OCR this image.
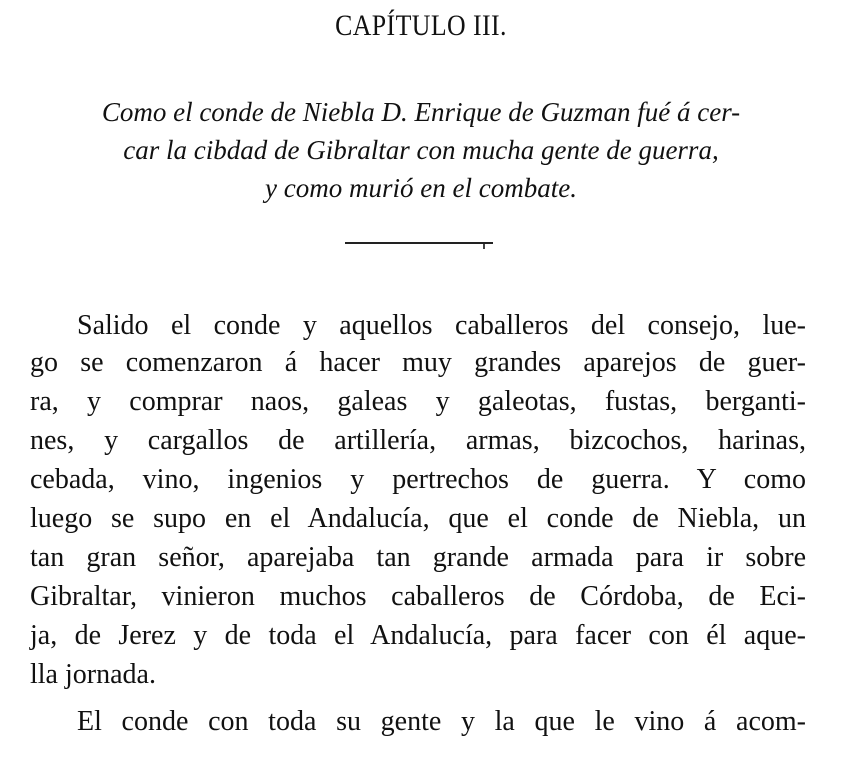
CAPÍTULO III.
Como el conde de Niebla D. Enrique de Guzman fué á cer-
car la cibdad de Gibraltar con mucha gente de guerra,
y como murió en el combate.
Salido el conde y aquellos caballeros del consejo, lue-
go se comenzaron á hacer muy grandes aparejos de guer-
ra, y comprar naos, galeas y galeotas, fustas, berganti-
nes, y cargallos de artillería, armas, bizcochos, harinas,
cebada, vino, ingenios y pertrechos de guerra. Y como
luego se supo en el Andalucía, que el conde de Niebla, un
tan gran señor, aparejaba tan grande armada para ir sobre
Gibraltar, vinieron muchos caballeros de Córdoba, de Eci-
ja, de Jerez y de toda el Andalucía, para facer con él aque-
lla jornada.
El conde con toda su gente y la que le vino á acom-
